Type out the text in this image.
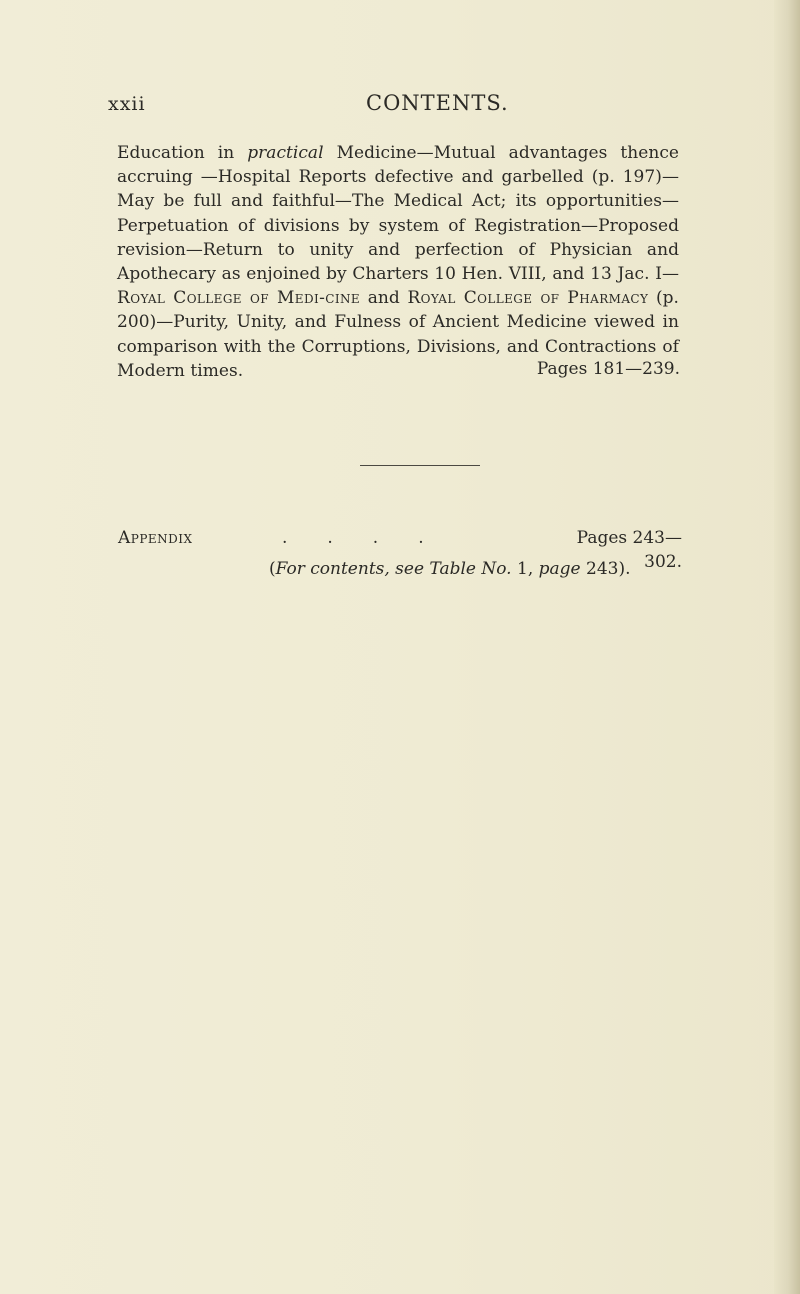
xxii	CONTENTS.
Education in practical Medicine—Mutual advantages thence accruing —Hospital Reports defective and garbelled (p. 197)—May be full and faithful—The Medical Act; its opportunities—Perpetuation of divisions by system of Registration—Proposed revision—Return to unity and perfection of Physician and Apothecary as enjoined by Charters 10 Hen. VIII, and 13 Jac. I—Royal College of Medi-cine and Royal College of Pharmacy (p. 200)—Purity, Unity, and Fulness of Ancient Medicine viewed in comparison with the Corruptions, Divisions, and Contractions of Modern times.	Pages 181—239.
Appendix	....	Pages 243—302.
(For contents, see Table No. 1, page 243).
